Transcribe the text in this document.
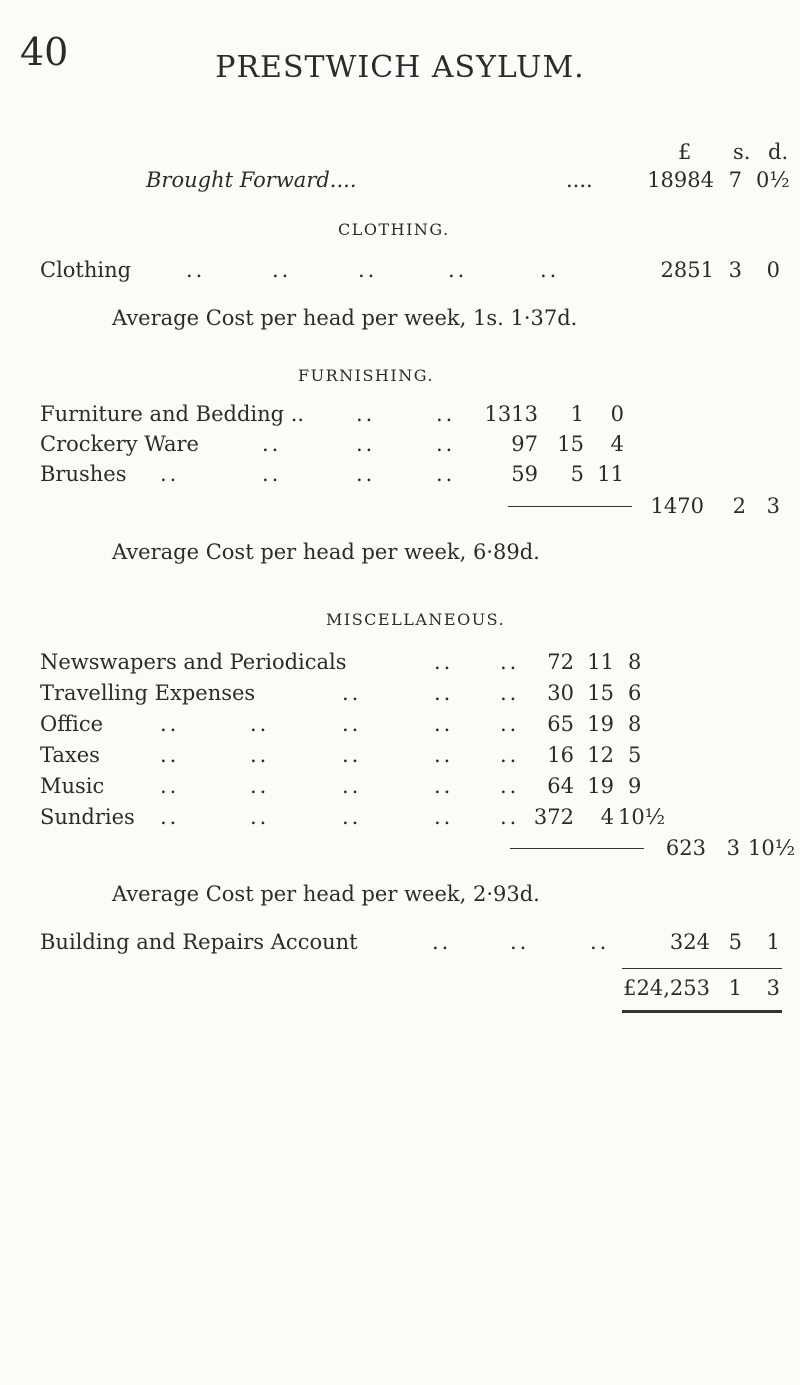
40	PRESTWICH ASYLUM.
£ s. d.
Brought Forward....	....	18984 7 0½
CLOTHING.
Clothing	..	..	..	..	..	2851 3	0
Average Cost per head per week, 1s. 1·37d.
FURNISHING.
Furniture and Bedding .. ..	..	1313	1	0
Crockery Ware	..	..	..	97 15	4
Brushes ..	..	..	..	59	5 11
1470	2 3
Average Cost per head per week, 6·89d.
MISCELLANEOUS.
Newswapers and Periodicals	.. ..	72 11 8
Travelling Expenses	..	.. ..	30 15 6
Office	..	..	..	.. ..	65 19 8
Taxes	..	..	..	.. ..	16 12 5
Music	..	..	..	.. ..	64 19 9
Sundries ..	..	..	.. .. 372	4 10½
623 3 10½
Average Cost per head per week, 2·93d.
Building and Repairs Account	..	..	..	324 5	1
£24,253 1	3
